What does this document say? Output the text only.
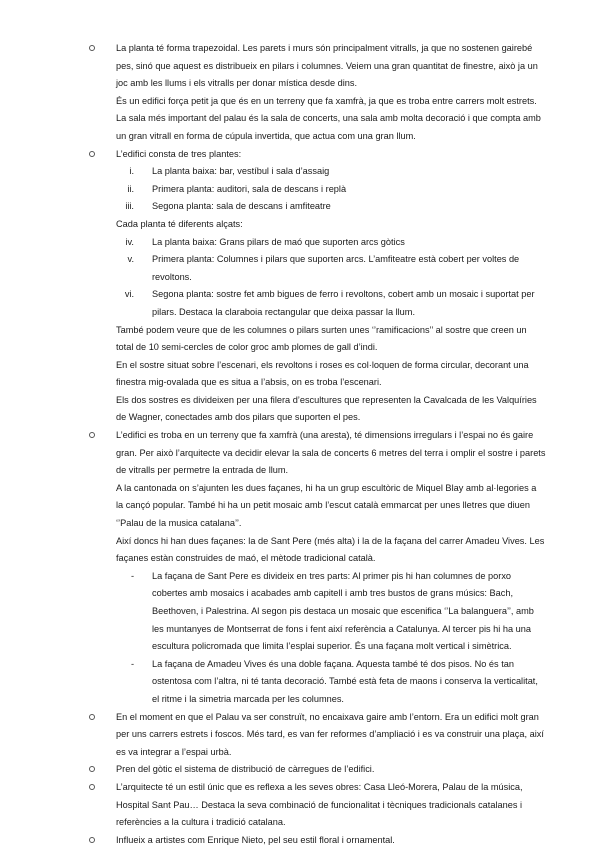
La planta té forma trapezoidal. Les parets i murs són principalment vitralls, ja que no sostenen gairebé pes, sinó que aquest es distribueix en pilars i columnes. Veiem una gran quantitat de finestre, això ja un joc amb les llums i els vitralls per donar mística desde dins.

És un edifici força petit ja que és en un terreny que fa xamfrà, ja que es troba entre carrers molt estrets. La sala més important del palau és la sala de concerts, una sala amb molta decoració i que compta amb un gran vitrall en forma de cúpula invertida, que actua com una gran llum.

L’edifici consta de tres plantes:

i. La planta baixa: bar, vestíbul i sala d’assaig
ii. Primera planta: auditori, sala de descans i replà
iii. Segona planta: sala de descans i amfiteatre
Cada planta té diferents alçats:
iv. La planta baixa: Grans pilars de maó que suporten arcs gòtics
v. Primera planta: Columnes i pilars que suporten arcs. L’amfiteatre està cobert per voltes de revoltons.
vi. Segona planta: sostre fet amb bigues de ferro i revoltons, cobert amb un mosaic i suportat per pilars. Destaca la claraboia rectangular que deixa passar la llum.
També podem veure que de les columnes o pilars surten unes ‘’ramificacions’’ al sostre que creen un total de 10 semi-cercles de color groc amb plomes de gall d’indi.
En el sostre situat sobre l’escenari, els revoltons i roses es col·loquen de forma circular, decorant una finestra mig-ovalada que es situa a l’absis, on es troba l’escenari.
Els dos sostres es divideixen per una filera d’escultures que representen la Cavalcada de les Valquíries de Wagner, conectades amb dos pilars que suporten el pes.

L’edifici es troba en un terreny que fa xamfrà (una aresta), té dimensions irregulars i l’espai no és gaire gran. Per això l’arquitecte va decidir elevar la sala de concerts 6 metres del terra i omplir el sostre i parets de vitralls per permetre la entrada de llum.

A la cantonada on s’ajunten les dues façanes, hi ha un grup escultòric de Miquel Blay amb al·legories a la cançó popular. També hi ha un petit mosaic amb l’escut català emmarcat per unes lletres que diuen ‘’Palau de la musica catalana’’.

Així doncs hi han dues façanes: la de Sant Pere (més alta) i la de la façana del carrer Amadeu Vives. Les façanes estàn construides de maó, el mètode tradicional català.

- La façana de Sant Pere es divideix en tres parts: Al primer pis hi han columnes de porxo cobertes amb mosaics i acabades amb capitell i amb tres bustos de grans músics: Bach, Beethoven, i Palestrina. Al segon pis destaca un mosaic que escenifica ‘’La balanguera’’, amb les muntanyes de Montserrat de fons i fent així referència a Catalunya. Al tercer pis hi ha una escultura policromada que limita l’esplai superior. És una façana molt vertical i simètrica.
- La façana de Amadeu Vives és una doble façana. Aquesta també té dos pisos. No és tan ostentosa com l’altra, ni té tanta decoració. També està feta de maons i conserva la verticalitat, el ritme i la simetria marcada per les columnes.

En el moment en que el Palau va ser construït, no encaixava gaire amb l’entorn. Era un edifici molt gran per uns carrers estrets i foscos. Més tard, es van fer reformes d’ampliació i es va construir una plaça, així es va integrar a l’espai urbà.

Pren del gòtic el sistema de distribució de càrregues de l’edifici.

L’arquitecte té un estil únic que es reflexa a les seves obres: Casa Lleó-Morera, Palau de la música, Hospital Sant Pau… Destaca la seva combinació de funcionalitat i tècniques tradicionals catalanes i referències a la cultura i tradició catalana.

Influeix a artistes com Enrique Nieto, pel seu estil floral i ornamental.
